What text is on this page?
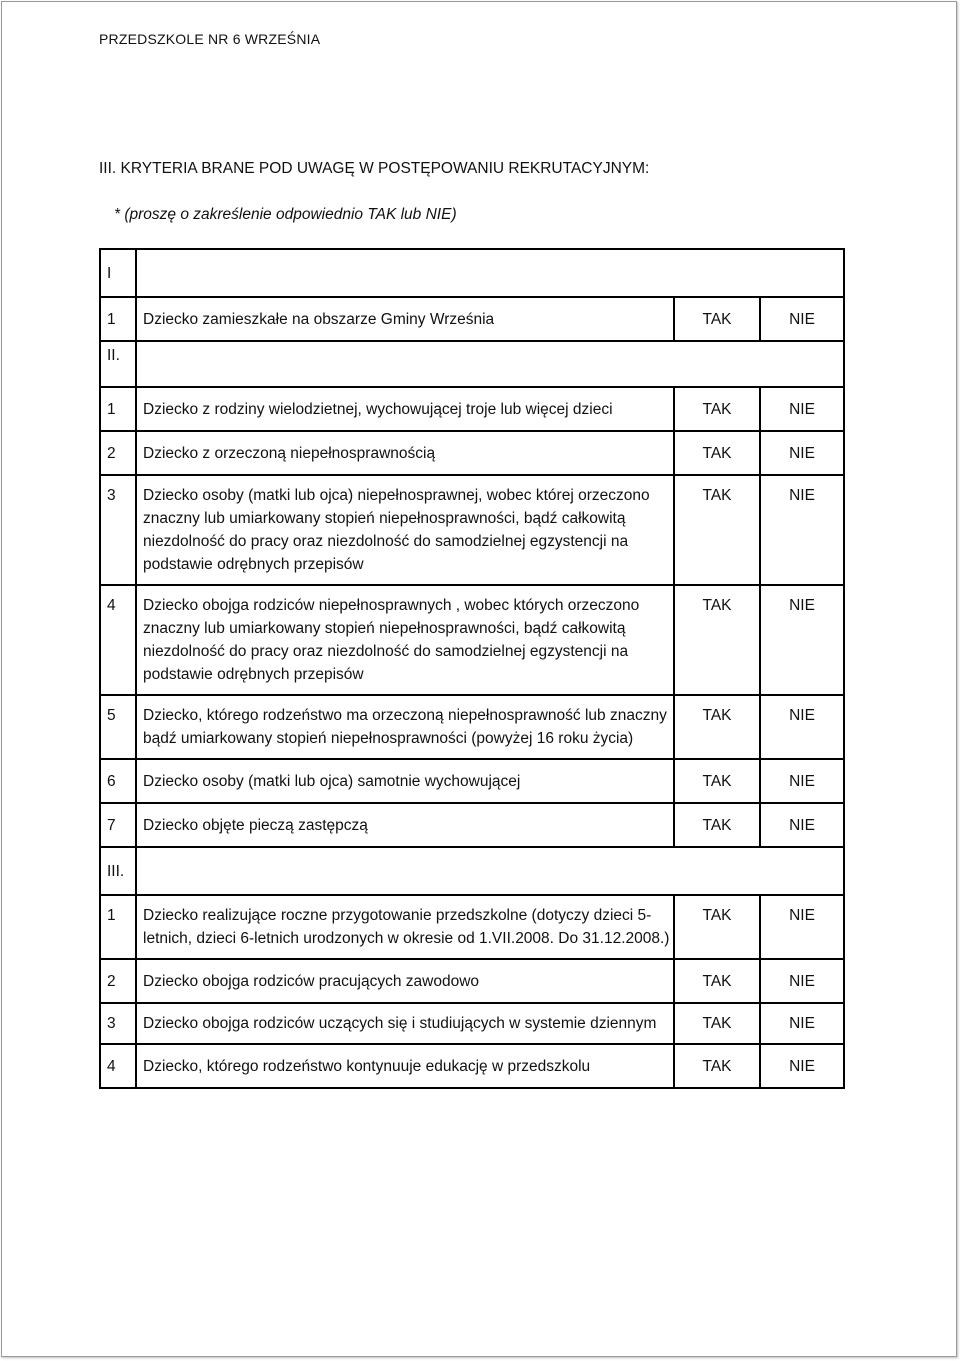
PRZEDSZKOLE NR 6 WRZEŚNIA
III. KRYTERIA BRANE POD UWAGĘ W POSTĘPOWANIU REKRUTACYJNYM:
* (proszę o zakreślenie odpowiednio TAK lub NIE)
I			
1	Dziecko zamieszkałe na obszarze Gminy Września	TAK	NIE
II.			
1	Dziecko z rodziny wielodzietnej, wychowującej troje lub więcej dzieci	TAK	NIE
2	Dziecko z orzeczoną niepełnosprawnością	TAK	NIE
3	Dziecko osoby (matki lub ojca) niepełnosprawnej, wobec której orzeczono znaczny lub umiarkowany stopień niepełnosprawności, bądź całkowitą niezdolność do pracy oraz niezdolność do samodzielnej egzystencji na podstawie odrębnych przepisów	TAK	NIE
4	Dziecko obojga rodziców niepełnosprawnych , wobec których orzeczono znaczny lub umiarkowany stopień niepełnosprawności, bądź całkowitą niezdolność do pracy oraz niezdolność do samodzielnej egzystencji na podstawie odrębnych przepisów	TAK	NIE
5	Dziecko, którego rodzeństwo ma orzeczoną niepełnosprawność lub znaczny bądź umiarkowany stopień niepełnosprawności (powyżej 16 roku życia)	TAK	NIE
6	Dziecko osoby (matki lub ojca) samotnie wychowującej	TAK	NIE
7	Dziecko objęte pieczą zastępczą	TAK	NIE
III.			
1	Dziecko realizujące roczne przygotowanie przedszkolne (dotyczy dzieci 5-letnich, dzieci 6-letnich urodzonych w okresie od 1.VII.2008. Do 31.12.2008.)	TAK	NIE
2	Dziecko obojga rodziców pracujących zawodowo	TAK	NIE
3	Dziecko obojga rodziców uczących się i studiujących w systemie dziennym	TAK	NIE
4	Dziecko, którego rodzeństwo kontynuuje edukację w przedszkolu	TAK	NIE
